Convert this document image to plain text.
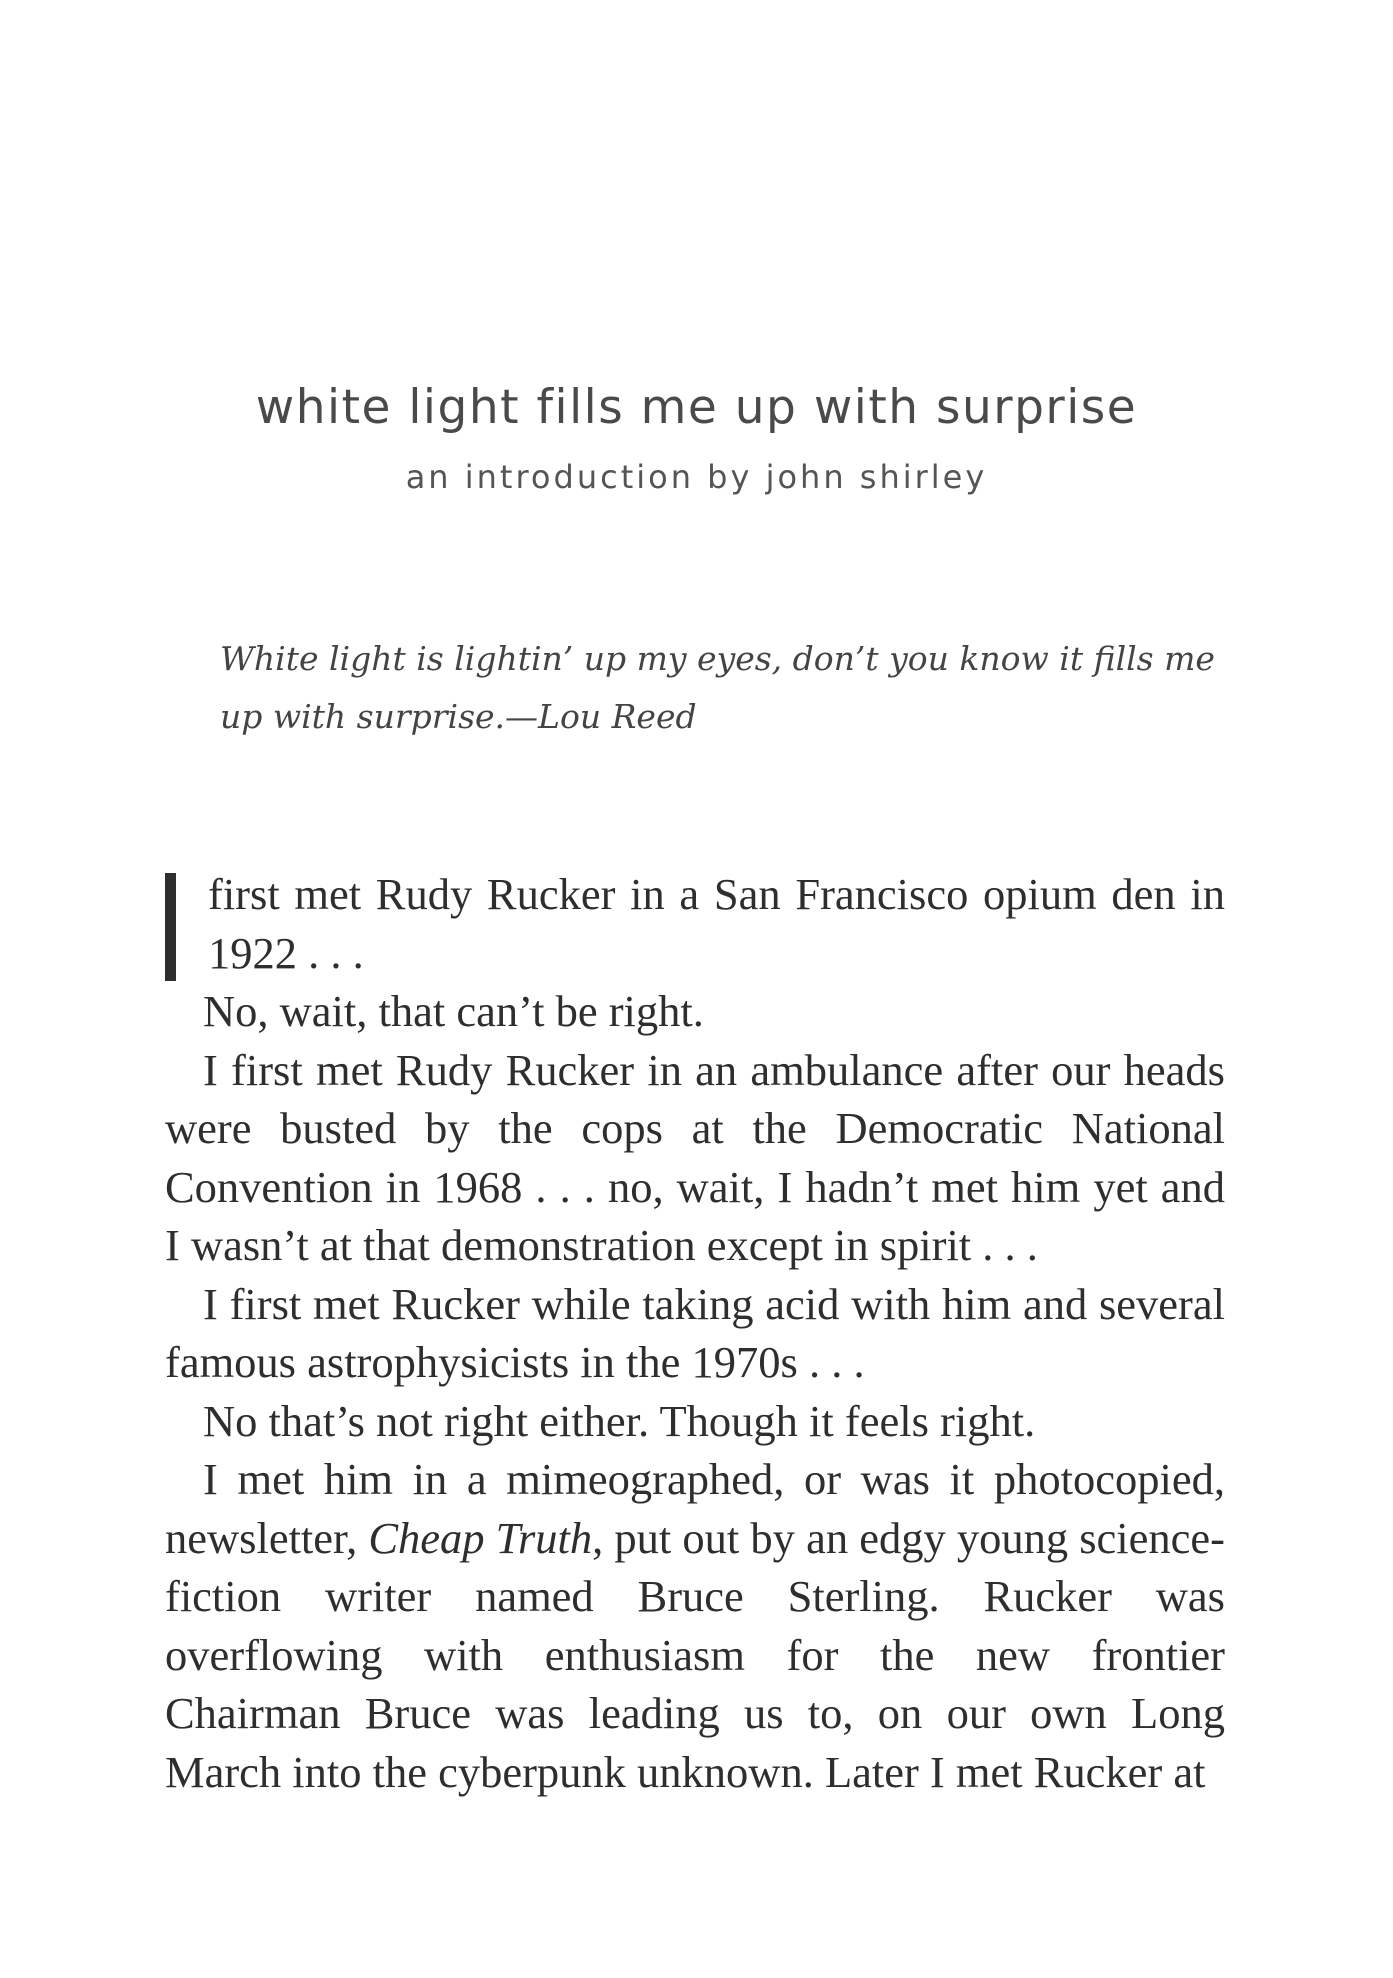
white light fills me up with surprise
an introduction by john shirley

White light is lightin’ up my eyes, don’t you know it fills me up with surprise.—Lou Reed

first met Rudy Rucker in a San Francisco opium den in 1922 . . .

No, wait, that can’t be right.

I first met Rudy Rucker in an ambulance after our heads were busted by the cops at the Democratic National Convention in 1968 . . . no, wait, I hadn’t met him yet and I wasn’t at that demonstration except in spirit . . .

I first met Rucker while taking acid with him and several famous astrophysicists in the 1970s . . .

No that’s not right either. Though it feels right.

I met him in a mimeographed, or was it photocopied, newsletter, Cheap Truth, put out by an edgy young science-fiction writer named Bruce Sterling. Rucker was overflowing with enthusiasm for the new frontier Chairman Bruce was leading us to, on our own Long March into the cyberpunk unknown. Later I met Rucker at
